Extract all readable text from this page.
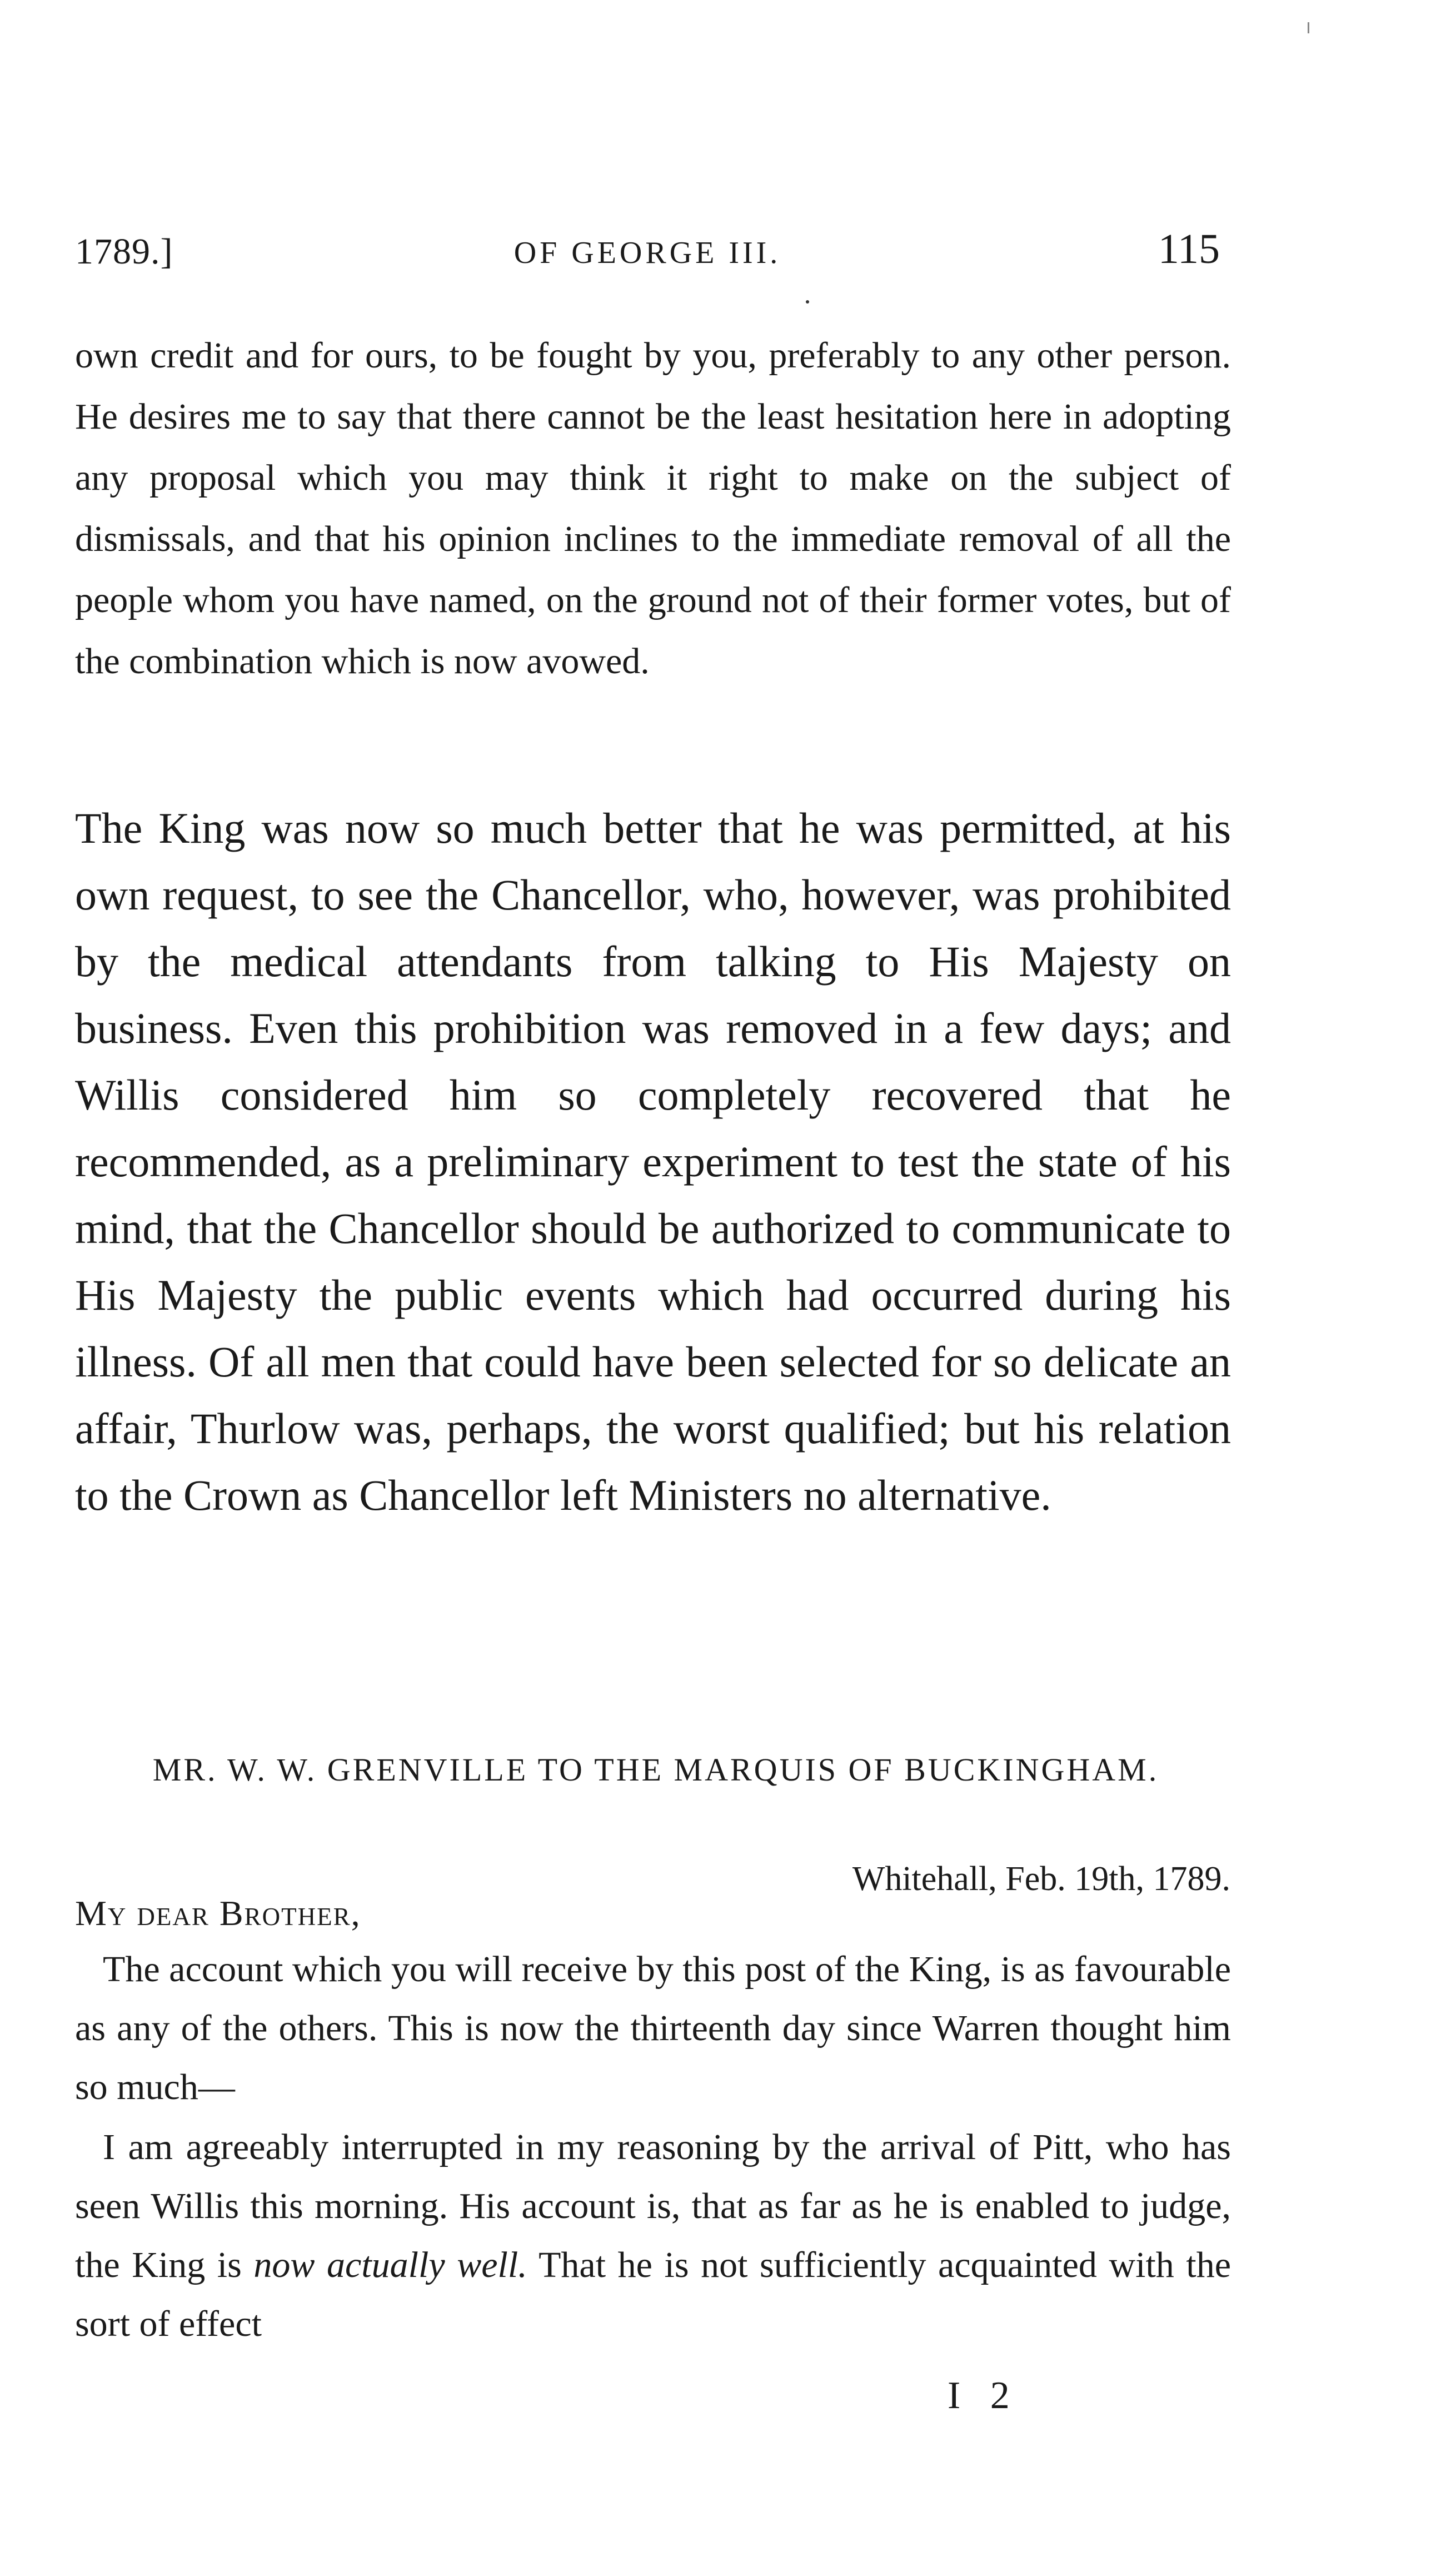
1789.]	OF GEORGE III.	115

own credit and for ours, to be fought by you, preferably to any other person. He desires me to say that there cannot be the least hesitation here in adopting any proposal which you may think it right to make on the subject of dismissals, and that his opinion inclines to the immediate removal of all the people whom you have named, on the ground not of their former votes, but of the combination which is now avowed.

The King was now so much better that he was permitted, at his own request, to see the Chancellor, who, however, was prohibited by the medical attendants from talking to His Majesty on business. Even this prohibition was removed in a few days; and Willis considered him so completely recovered that he recommended, as a preliminary experiment to test the state of his mind, that the Chancellor should be authorized to communicate to His Majesty the public events which had occurred during his illness. Of all men that could have been selected for so delicate an affair, Thurlow was, perhaps, the worst qualified; but his relation to the Crown as Chancellor left Ministers no alternative.

MR. W. W. GRENVILLE TO THE MARQUIS OF BUCKINGHAM.
Whitehall, Feb. 19th, 1789.
My dear Brother,

The account which you will receive by this post of the King, is as favourable as any of the others. This is now the thirteenth day since Warren thought him so much—

I am agreeably interrupted in my reasoning by the arrival of Pitt, who has seen Willis this morning. His account is, that as far as he is enabled to judge, the King is now actually well. That he is not sufficiently acquainted with the sort of effect

I 2
